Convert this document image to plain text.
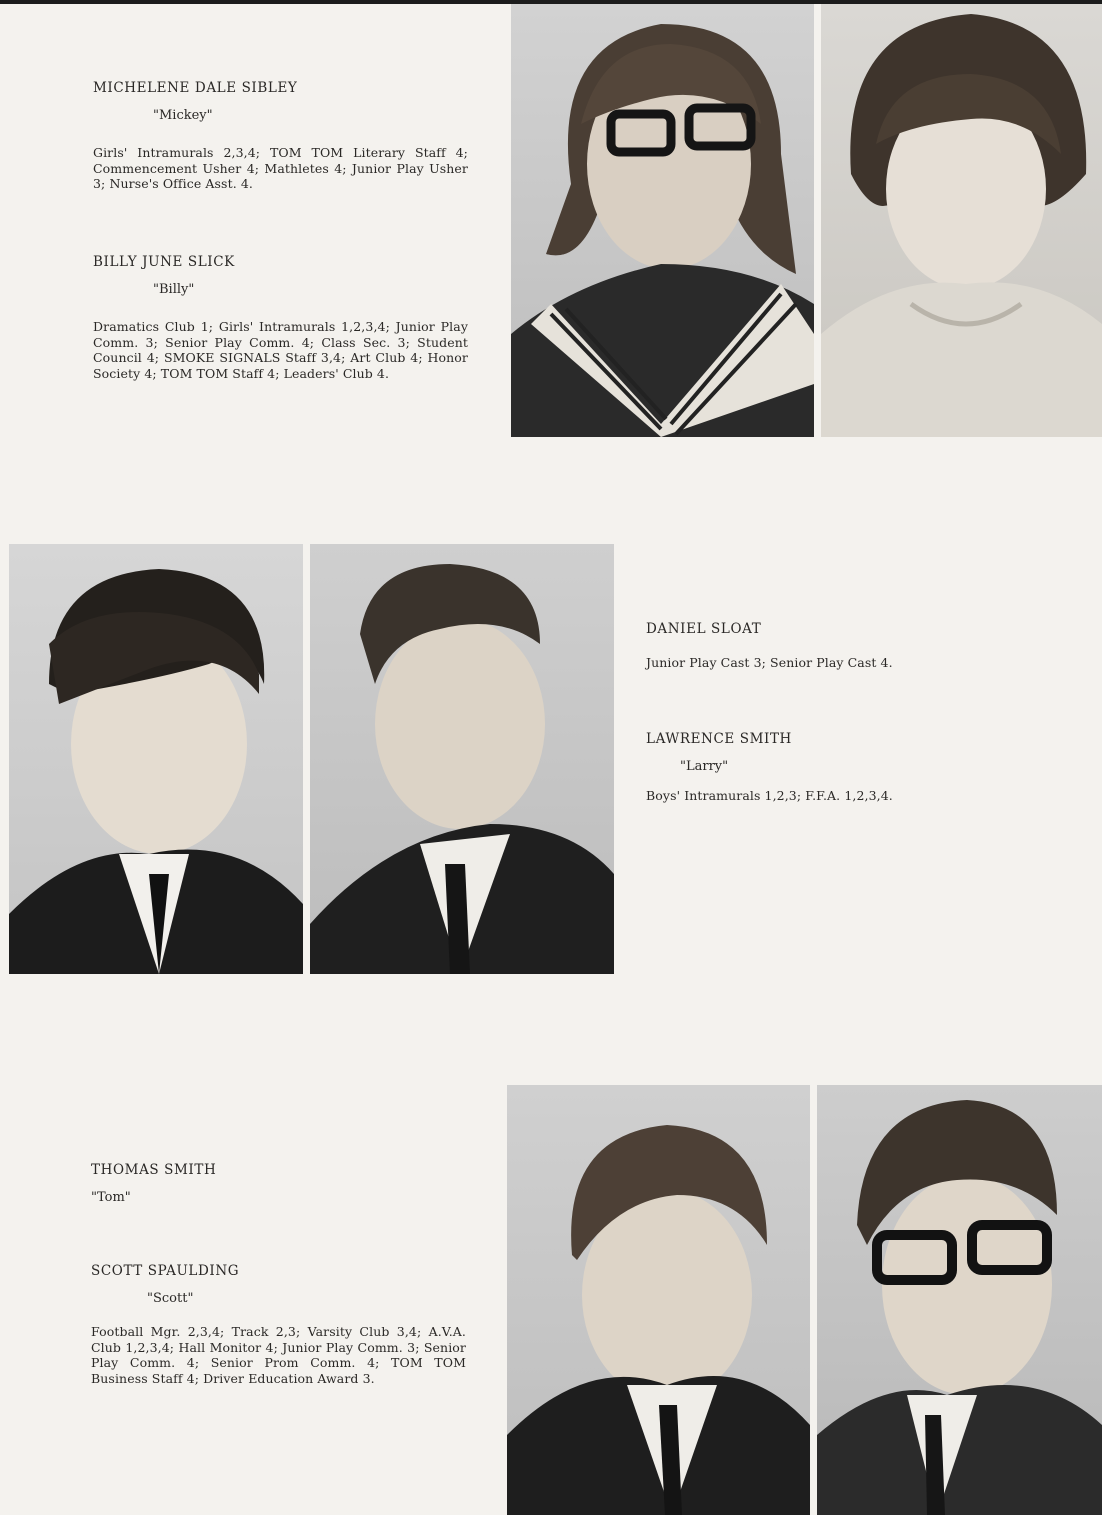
MICHELENE DALE SIBLEY

"Mickey"

Girls' Intramurals 2,3,4; TOM TOM Literary Staff 4; Commencement Usher 4; Mathletes 4; Junior Play Usher 3; Nurse's Office Asst. 4.

BILLY JUNE SLICK

"Billy"

Dramatics Club 1; Girls' Intramurals 1,2,3,4; Junior Play Comm. 3; Senior Play Comm. 4; Class Sec. 3; Student Council 4; SMOKE SIGNALS Staff 3,4; Art Club 4; Honor Society 4; TOM TOM Staff 4; Leaders' Club 4.

DANIEL SLOAT

Junior Play Cast 3; Senior Play Cast 4.

LAWRENCE SMITH

"Larry"

Boys' Intramurals 1,2,3; F.F.A. 1,2,3,4.

THOMAS SMITH

"Tom"

SCOTT SPAULDING

"Scott"

Football Mgr. 2,3,4; Track 2,3; Varsity Club 3,4; A.V.A. Club 1,2,3,4; Hall Monitor 4; Junior Play Comm. 3; Senior Play Comm. 4; Senior Prom Comm. 4; TOM TOM Business Staff 4; Driver Education Award 3.
